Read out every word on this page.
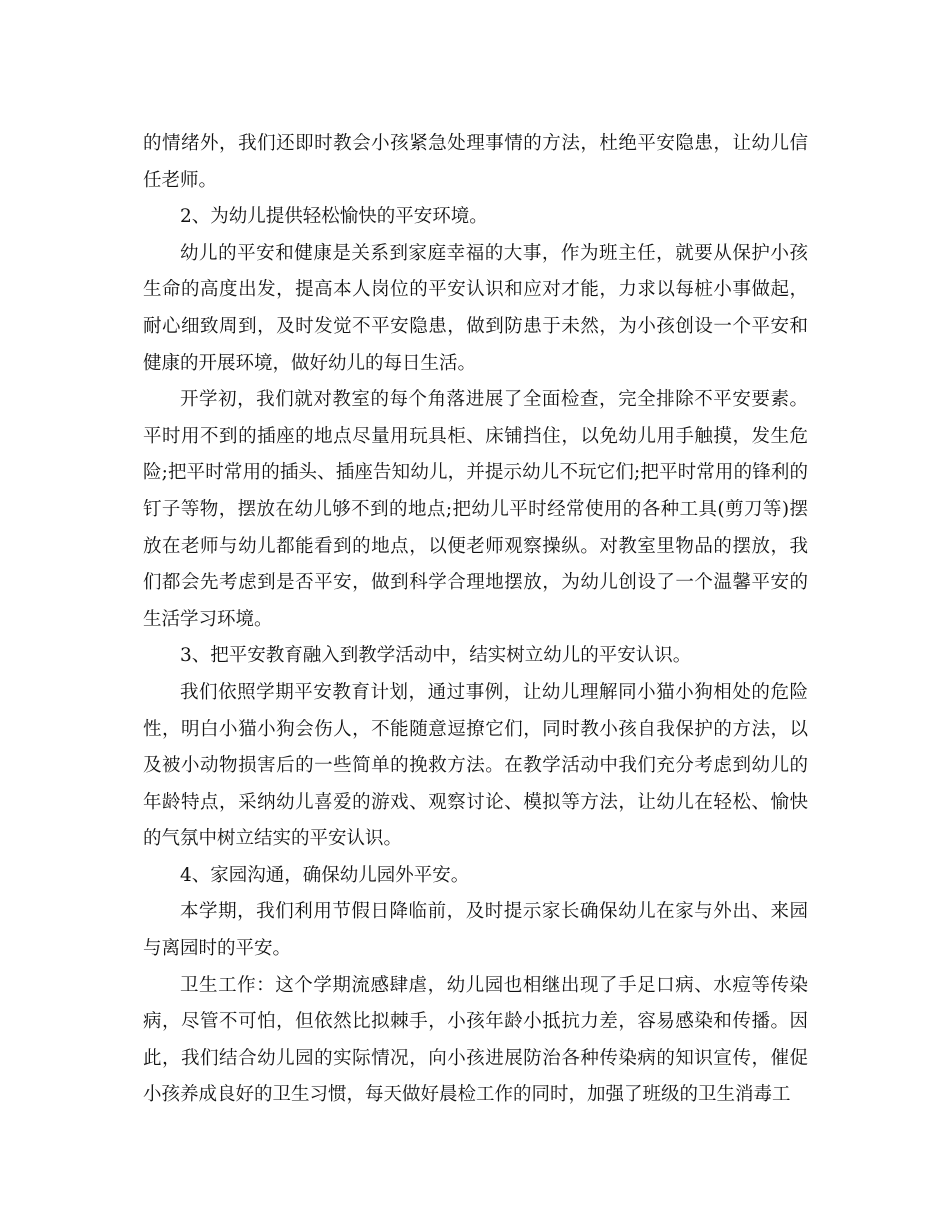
的情绪外，我们还即时教会小孩紧急处理事情的方法，杜绝平安隐患，让幼儿信任老师。

2、为幼儿提供轻松愉快的平安环境。

幼儿的平安和健康是关系到家庭幸福的大事，作为班主任，就要从保护小孩生命的高度出发，提高本人岗位的平安认识和应对才能，力求以每桩小事做起，耐心细致周到，及时发觉不平安隐患，做到防患于未然，为小孩创设一个平安和健康的开展环境，做好幼儿的每日生活。

开学初，我们就对教室的每个角落进展了全面检查，完全排除不平安要素。平时用不到的插座的地点尽量用玩具柜、床铺挡住，以免幼儿用手触摸，发生危险;把平时常用的插头、插座告知幼儿，并提示幼儿不玩它们;把平时常用的锋利的钉子等物，摆放在幼儿够不到的地点;把幼儿平时经常使用的各种工具(剪刀等)摆放在老师与幼儿都能看到的地点，以便老师观察操纵。对教室里物品的摆放，我们都会先考虑到是否平安，做到科学合理地摆放，为幼儿创设了一个温馨平安的生活学习环境。

3、把平安教育融入到教学活动中，结实树立幼儿的平安认识。

我们依照学期平安教育计划，通过事例，让幼儿理解同小猫小狗相处的危险性，明白小猫小狗会伤人，不能随意逗撩它们，同时教小孩自我保护的方法，以及被小动物损害后的一些简单的挽救方法。在教学活动中我们充分考虑到幼儿的年龄特点，采纳幼儿喜爱的游戏、观察讨论、模拟等方法，让幼儿在轻松、愉快的气氛中树立结实的平安认识。

4、家园沟通，确保幼儿园外平安。

本学期，我们利用节假日降临前，及时提示家长确保幼儿在家与外出、来园与离园时的平安。

卫生工作：这个学期流感肆虐，幼儿园也相继出现了手足口病、水痘等传染病，尽管不可怕，但依然比拟棘手，小孩年龄小抵抗力差，容易感染和传播。因此，我们结合幼儿园的实际情况，向小孩进展防治各种传染病的知识宣传，催促小孩养成良好的卫生习惯，每天做好晨检工作的同时，加强了班级的卫生消毒工
